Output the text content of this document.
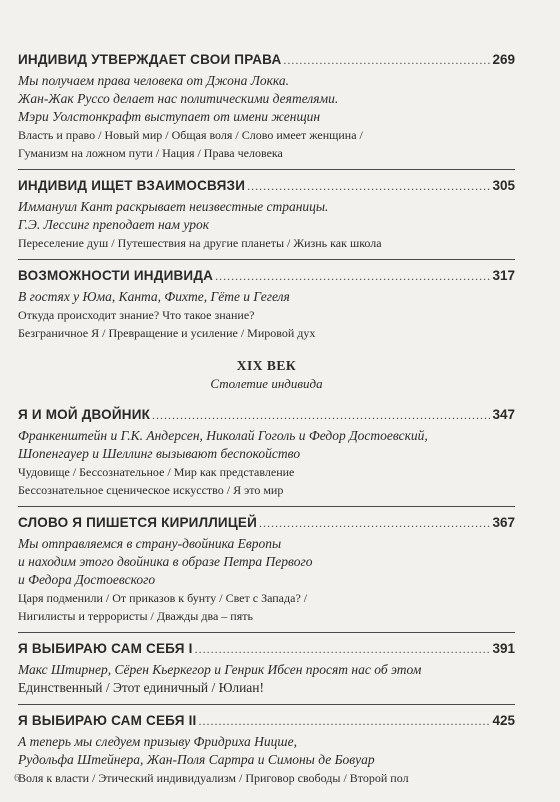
ИНДИВИД УТВЕРЖДАЕТ СВОИ ПРАВА .....	269
Мы получаем права человека от Джона Локка.
Жан-Жак Руссо делает нас политическими деятелями.
Мэри Уолстонкрафт выступает от имени женщин
Власть и право / Новый мир / Общая воля / Слово имеет женщина /
Гуманизм на ложном пути / Нация / Права человека
ИНДИВИД ИЩЕТ ВЗАИМОСВЯЗИ .....	305
Иммануил Кант раскрывает неизвестные страницы.
Г.Э. Лессинг преподает нам урок
Переселение душ / Путешествия на другие планеты / Жизнь как школа
ВОЗМОЖНОСТИ ИНДИВИДА .....	317
В гостях у Юма, Канта, Фихте, Гёте и Гегеля
Откуда происходит знание? Что такое знание?
Безграничное Я / Превращение и усиление / Мировой дух
XIX ВЕК
Столетие индивида
Я И МОЙ ДВОЙНИК .....	347
Франкенштейн и Г.К. Андерсен, Николай Гоголь и Федор Достоевский,
Шопенгауер и Шеллинг вызывают беспокойство
Чудовище / Бессознательное / Мир как представление
Бессознательное сценическое искусство / Я это мир
СЛОВО Я ПИШЕТСЯ КИРИЛЛИЦЕЙ .....	367
Мы отправляемся в страну-двойника Европы
и находим этого двойника в образе Петра Первого
и Федора Достоевского
Царя подменили / От приказов к бунту / Свет с Запада? /
Нигилисты и террористы / Дважды два – пять
Я ВЫБИРАЮ САМ СЕБЯ I .....	391
Макс Штирнер, Сёрен Кьеркегор и Генрик Ибсен просят нас об этом
Единственный / Этот единичный / Юлиан!
Я ВЫБИРАЮ САМ СЕБЯ II .....	425
А теперь мы следуем призыву Фридриха Ницше,
Рудольфа Штейнера, Жан-Поля Сартра и Симоны де Бовуар
Воля к власти / Этический индивидуализм / Приговор свободы / Второй пол
6
